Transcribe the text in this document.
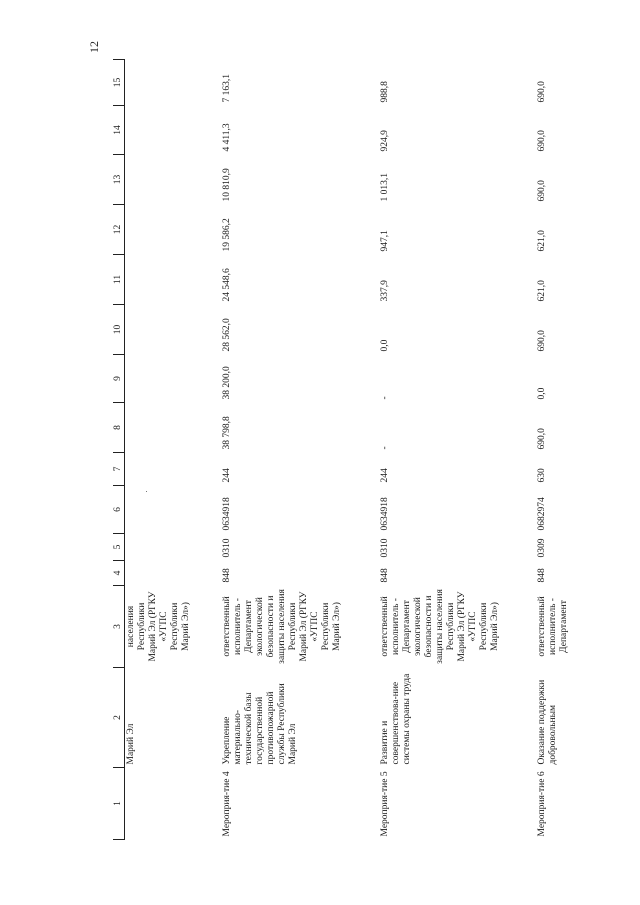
12
1	2	3	4	5	6	7	8	9	10	11	12	13	14	15
	Марий Эл	населения Республики Марий Эл (РГКУ «УГПС Республики Марий Эл»)												
Мероприя-тие 4	Укрепление материально-технической базы государственной противопожарной службы Республики Марий Эл	ответственный исполнитель - Департамент экологической безопасности и защиты населения Республики Марий Эл (РГКУ «УГПС Республики Марий Эл»)	848	0310	0634918	244	38 798,8	38 200,0	28 562,0	24 548,6	19 586,2	10 810,9	4 411,3	7 163,1
Мероприя-тие 5	Развитие и совершенствова-ние системы охраны труда	ответственный исполнитель - Департамент экологической безопасности и защиты населения Республики Марий Эл (РГКУ «УГПС Республики Марий Эл»)	848	0310	0634918	244	-	-	0,0	337,9	947,1	1 013,1	924,9	988,8
Мероприя-тие 6	Оказание поддержки добровольным	ответственный исполнитель - Департамент	848	0309	0682974	630	690,0	0,0	690,0	621,0	621,0	690,0	690,0	690,0
